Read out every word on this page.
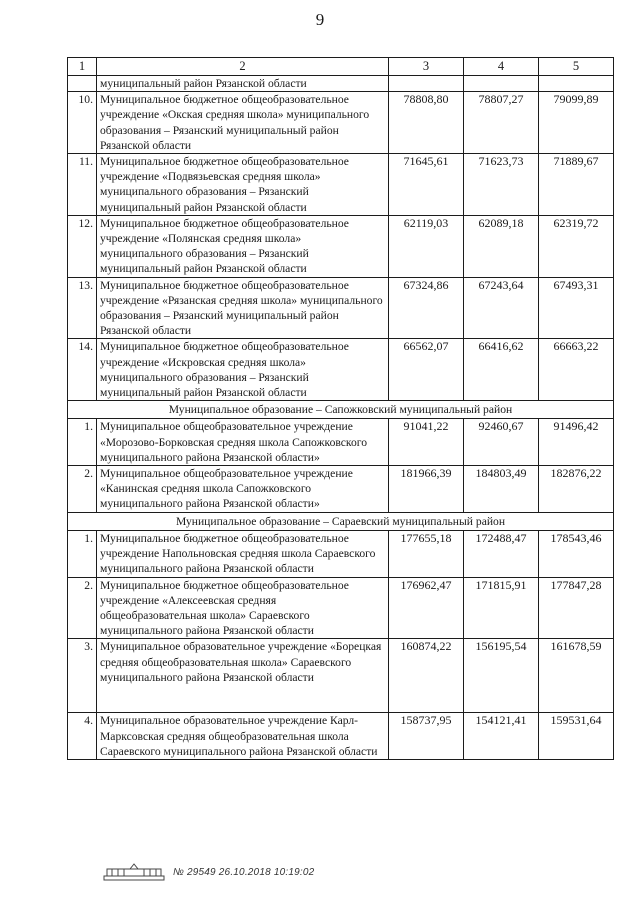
9
1	2	3	4	5
	муниципальный район Рязанской области			
10.	Муниципальное бюджетное общеобразовательное учреждение «Окская средняя школа» муниципального образования – Рязанский муниципальный район Рязанской области	78808,80	78807,27	79099,89
11.	Муниципальное бюджетное общеобразовательное учреждение «Подвязьевская средняя школа» муниципального образования – Рязанский муниципальный район Рязанской области	71645,61	71623,73	71889,67
12.	Муниципальное бюджетное общеобразовательное учреждение «Полянская средняя школа» муниципального образования – Рязанский муниципальный район Рязанской области	62119,03	62089,18	62319,72
13.	Муниципальное бюджетное общеобразовательное учреждение «Рязанская средняя школа» муниципального образования – Рязанский муниципальный район Рязанской области	67324,86	67243,64	67493,31
14.	Муниципальное бюджетное общеобразовательное учреждение «Искровская средняя школа» муниципального образования – Рязанский муниципальный район Рязанской области	66562,07	66416,62	66663,22
Муниципальное образование – Сапожковский муниципальный район				
1.	Муниципальное общеобразовательное учреждение «Морозово-Борковская средняя школа Сапожковского муниципального района Рязанской области»	91041,22	92460,67	91496,42
2.	Муниципальное общеобразовательное учреждение «Канинская средняя школа Сапожковского муниципального района Рязанской области»	181966,39	184803,49	182876,22
Муниципальное образование – Сараевский муниципальный район				
1.	Муниципальное бюджетное общеобразовательное учреждение Напольновская средняя школа Сараевского муниципального района Рязанской области	177655,18	172488,47	178543,46
2.	Муниципальное бюджетное общеобразовательное учреждение «Алексеевская средняя общеобразовательная школа» Сараевского муниципального района Рязанской области	176962,47	171815,91	177847,28
3.	Муниципальное образовательное учреждение «Борецкая средняя общеобразовательная школа» Сараевского муниципального района Рязанской области	160874,22	156195,54	161678,59
4.	Муниципальное образовательное учреждение Карл-Марксовская средняя общеобразовательная школа Сараевского муниципального района Рязанской области	158737,95	154121,41	159531,64
№ 29549 26.10.2018 10:19:02
